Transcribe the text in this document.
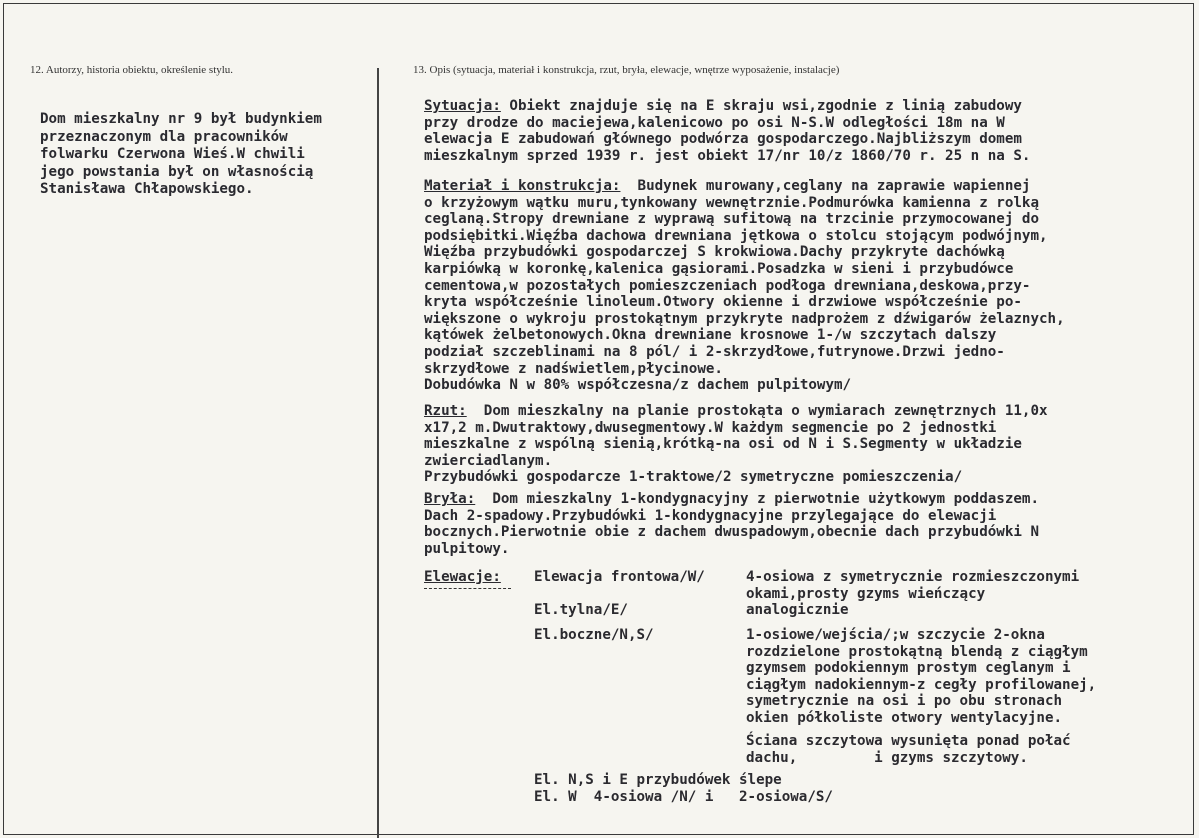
12. Autorzy, historia obiektu, określenie stylu.	13. Opis (sytuacja, materiał i konstrukcja, rzut, bryła, elewacje, wnętrze wyposażenie, instalacje)
Dom mieszkalny nr 9 był budynkiem
przeznaczonym dla pracowników
folwarku Czerwona Wieś.W chwili
jego powstania był on własnością
Stanisława Chłapowskiego.
Sytuacja: Obiekt znajduje się na E skraju wsi,zgodnie z linią zabudowy
przy drodze do maciejewa,kalenicowo po osi N-S.W odległości 18m na W
elewacja E zabudowań głównego podwórza gospodarczego.Najbliższym domem
mieszkalnym sprzed 1939 r. jest obiekt 17/nr 10/z 1860/70 r. 25 n na S.
Materiał i konstrukcja:  Budynek murowany,ceglany na zaprawie wapiennej
o krzyżowym wątku muru,tynkowany wewnętrznie.Podmurówka kamienna z rolką
ceglaną.Stropy drewniane z wyprawą sufitową na trzcinie przymocowanej do
podsiębitki.Więźba dachowa drewniana jętkowa o stolcu stojącym podwójnym,
Więźba przybudówki gospodarczej S krokwiowa.Dachy przykryte dachówką
karpiówką w koronkę,kalenica gąsiorami.Posadzka w sieni i przybudówce
cementowa,w pozostałych pomieszczeniach podłoga drewniana,deskowa,przy-
kryta współcześnie linoleum.Otwory okienne i drzwiowe współcześnie po-
większone o wykroju prostokątnym przykryte nadprożem z dźwigarów żelaznych,
kątówek żelbetonowych.Okna drewniane krosnowe 1-/w szczytach dalszy
podział szczeblinami na 8 pól/ i 2-skrzydłowe,futrynowe.Drzwi jedno-
skrzydłowe z nadświetlem,płycinowe.
Dobudówka N w 80% współczesna/z dachem pulpitowym/
Rzut:  Dom mieszkalny na planie prostokąta o wymiarach zewnętrznych 11,0x
x17,2 m.Dwutraktowy,dwusegmentowy.W każdym segmencie po 2 jednostki
mieszkalne z wspólną sienią,krótką-na osi od N i S.Segmenty w układzie
zwierciadlanym.
Przybudówki gospodarcze 1-traktowe/2 symetryczne pomieszczenia/
Bryła:  Dom mieszkalny 1-kondygnacyjny z pierwotnie użytkowym poddaszem.
Dach 2-spadowy.Przybudówki 1-kondygnacyjne przylegające do elewacji
bocznych.Pierwotnie obie z dachem dwuspadowym,obecnie dach przybudówki N
pulpitowy.
Elewacje:	Elewacja frontowa/W/	4-osiowa z symetrycznie rozmieszczonymi
okami,prosty gzyms wieńczący
El.tylna/E/	analogicznie
El.boczne/N,S/	1-osiowe/wejścia/;w szczycie 2-okna
rozdzielone prostokątną blendą z ciągłym
gzymsem podokiennym prostym ceglanym i
ciągłym nadokiennym-z cegły profilowanej,
symetrycznie na osi i po obu stronach
okien półkoliste otwory wentylacyjne.
Ściana szczytowa wysunięta ponad połać
dachu,         i gzyms szczytowy.
El. N,S i E przybudówek ślepe
El. W  4-osiowa /N/ i   2-osiowa/S/
